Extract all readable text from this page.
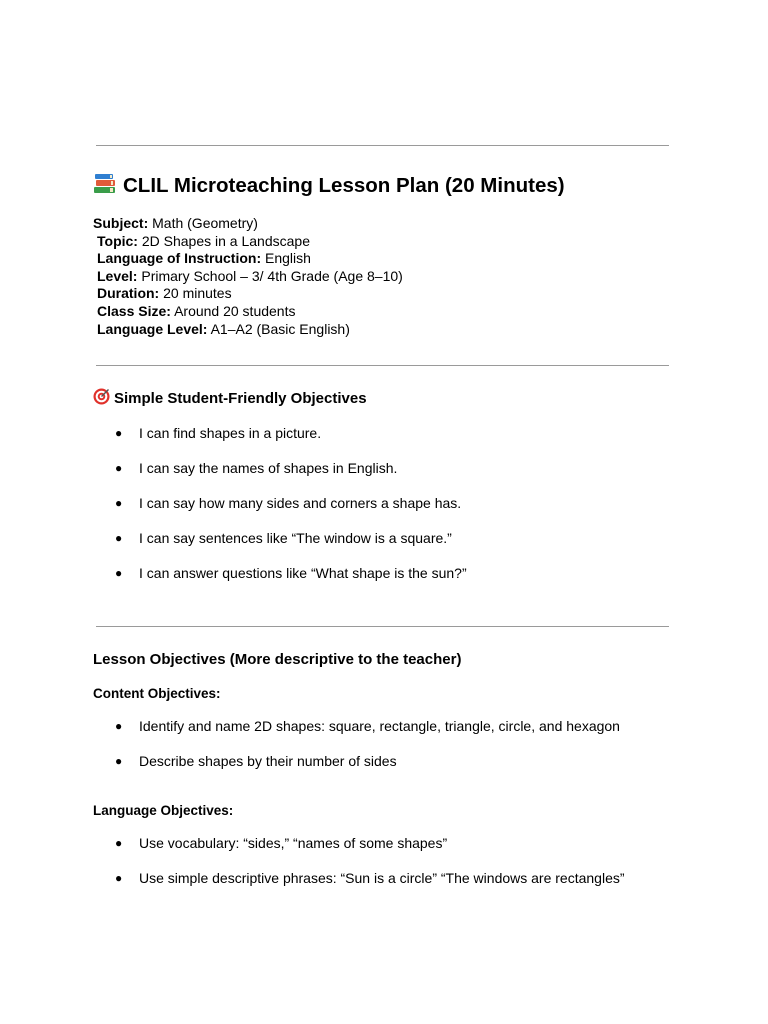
CLIL Microteaching Lesson Plan (20 Minutes)
Subject: Math (Geometry)
Topic: 2D Shapes in a Landscape
Language of Instruction: English
Level: Primary School – 3/ 4th Grade (Age 8–10)
Duration: 20 minutes
Class Size: Around 20 students
Language Level: A1–A2 (Basic English)
Simple Student-Friendly Objectives
● I can find shapes in a picture.
● I can say the names of shapes in English.
● I can say how many sides and corners a shape has.
● I can say sentences like “The window is a square.”
● I can answer questions like “What shape is the sun?”
Lesson Objectives (More descriptive to the teacher)
Content Objectives:
● Identify and name 2D shapes: square, rectangle, triangle, circle, and hexagon
● Describe shapes by their number of sides
Language Objectives:
● Use vocabulary: “sides,” “names of some shapes”
● Use simple descriptive phrases: “Sun is a circle” “The windows are rectangles”
